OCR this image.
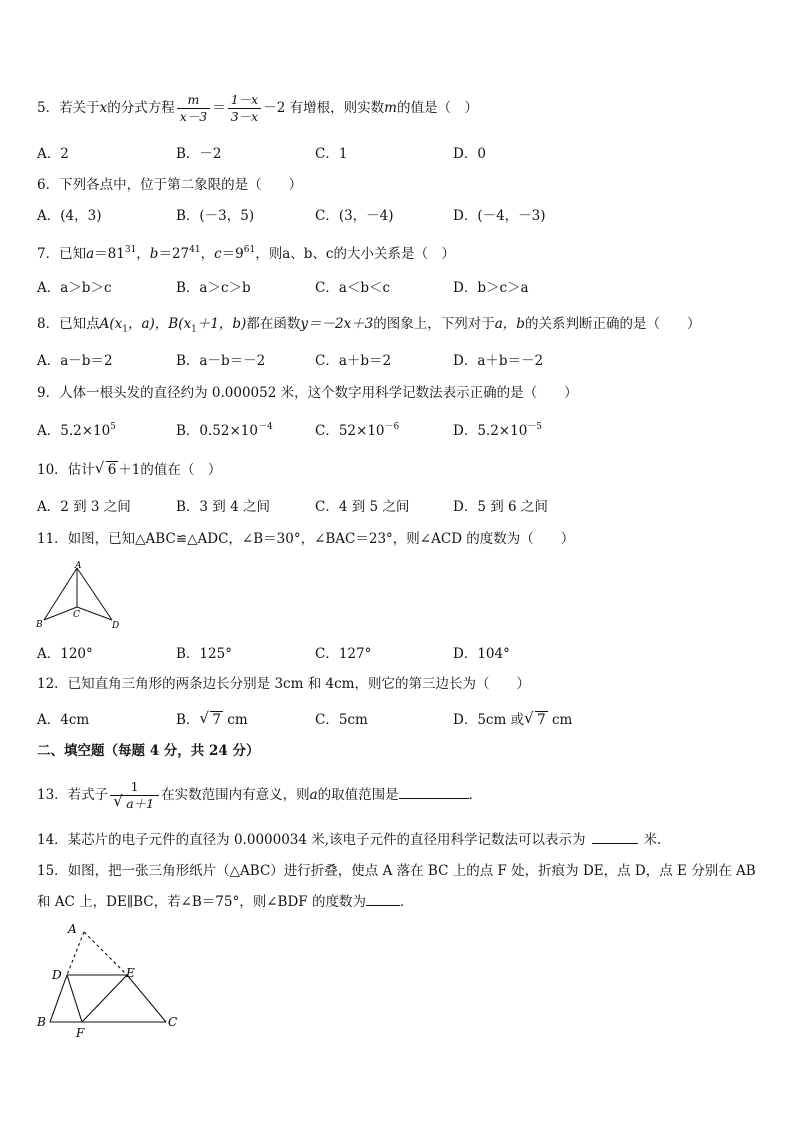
5．若关于x的分式方程 $\frac{m}{x-3} = \frac{1-x}{3-x} -2$ 有增根，则实数m的值是（　）
A．2	B．－2	C．1	D．0
6．下列各点中，位于第二象限的是（　　）
A．(4，3)	B．(－3，5)	C．(3，－4)	D．(－4，－3)
7．已知$a=81^{31}$，$b=27^{41}$，$c=9^{61}$，则a、b、c的大小关系是（　）
A．a＞b＞c	B．a＞c＞b	C．a＜b＜c	D．b＞c＞a
8．已知点$A(x_1$，a)，$B(x_1+1$，b)都在函数y＝－2x＋3的图象上，下列对于a，b的关系判断正确的是（　　）
A．a－b＝2	B．a－b＝－2	C．a＋b＝2	D．a＋b＝－2
9．人体一根头发的直径约为 0.000052 米，这个数字用科学记数法表示正确的是（　　）
A．$5.2\times 10^5$	B．$0.52\times 10^{-4}$	C．$52\times 10^{-6}$	D．$5.2\times 10^{-5}$
10．估计 √ 6 ＋1的值在（　）
A．2 到 3 之间	B．3 到 4 之间	C．4 到 5 之间	D．5 到 6 之间
11．如图，已知△ABC≌△ADC，∠B＝30°，∠BAC＝23°，则∠ACD 的度数为（　　）
A
B
C
D
A．120°	B．125°	C．127°	D．104°
12．已知直角三角形的两条边长分别是 3cm 和 4cm，则它的第三边长为（　　）
A．4cm	B． √ 7 cm	C．5cm	D．5cm 或 √ 7 cm
二、填空题（每题 4 分，共 24 分）
13．若式子 $\frac{1}{√ a+1}$ 在实数范围内有意义，则a的取值范围是	．
14．某芯片的电子元件的直径为 0.0000034 米,该电子元件的直径用科学记数法可以表示为	米.
15．如图，把一张三角形纸片（△ABC）进行折叠，使点 A 落在 BC 上的点 F 处，折痕为 DE，点 D，点 E 分别在 AB
和 AC 上，DE∥BC，若∠B＝75°，则∠BDF 的度数为	．
A
D	E
B
F
C
